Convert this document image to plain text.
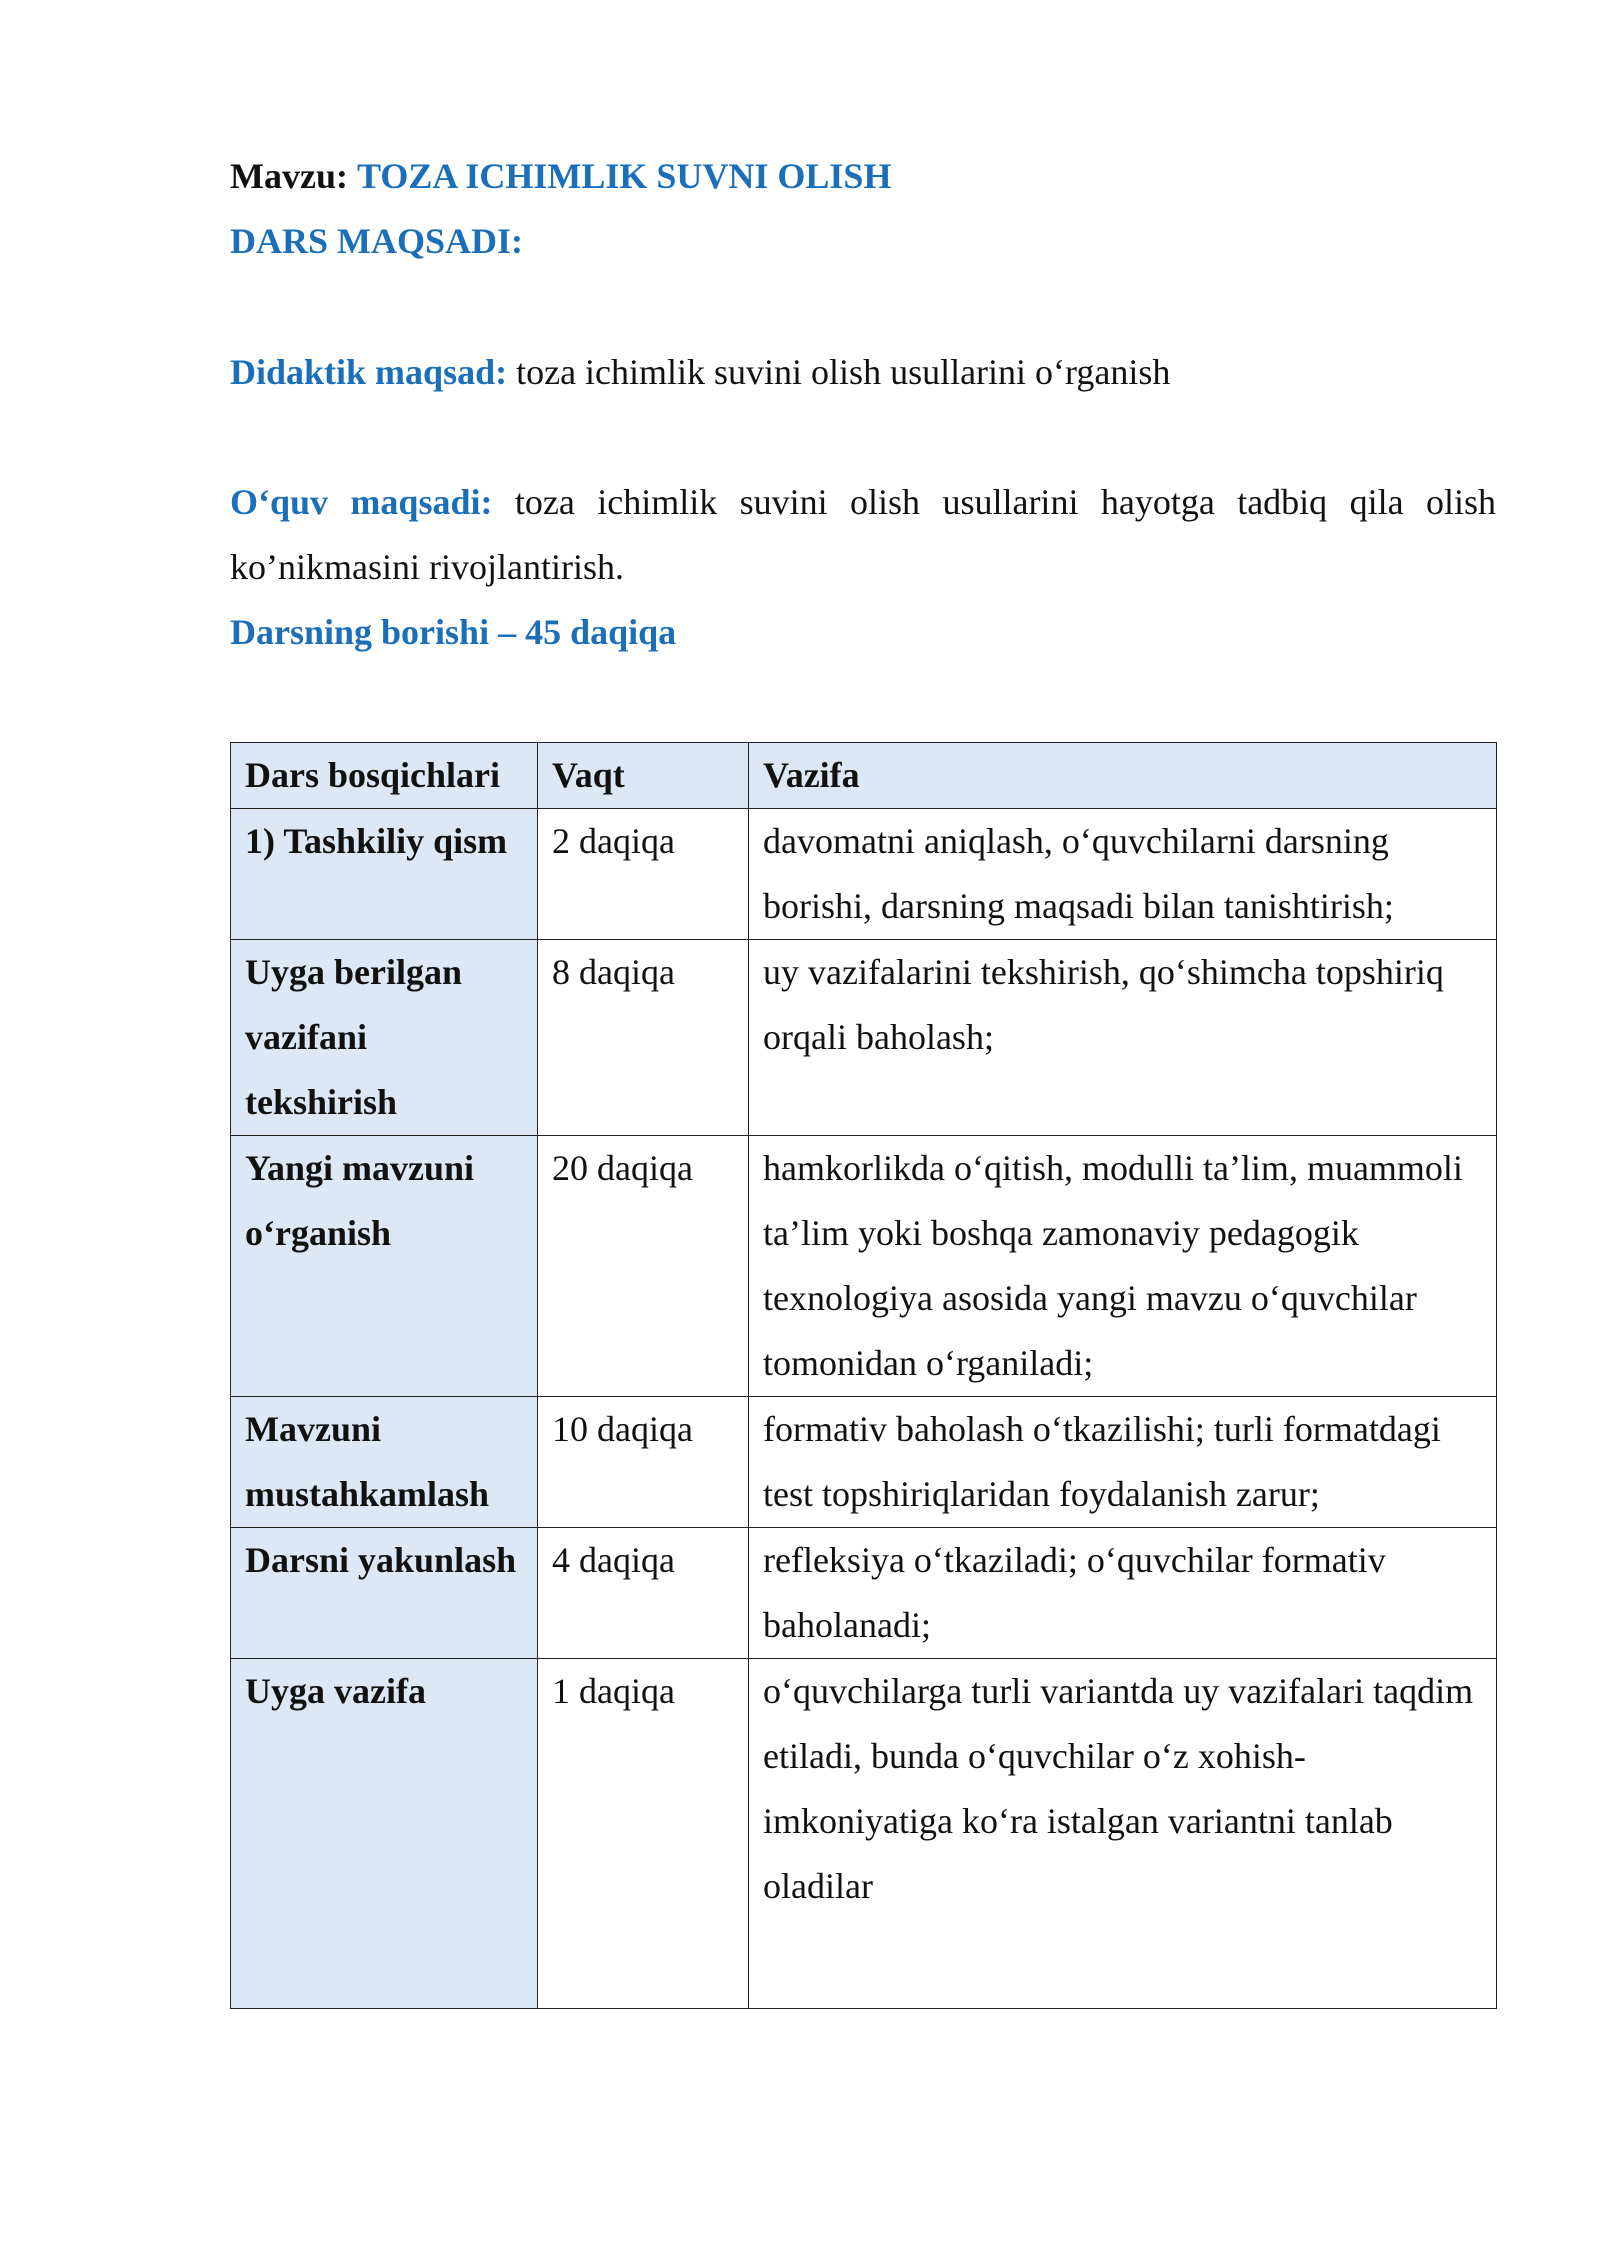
Mavzu: TOZA ICHIMLIK SUVNI OLISH

DARS MAQSADI:

Didaktik maqsad: toza ichimlik suvini olish usullarini o‘rganish

O‘quv maqsadi: toza ichimlik suvini olish usullarini hayotga tadbiq qila olish ko’nikmasini rivojlantirish.

Darsning borishi – 45 daqiqa

Dars bosqichlari	Vaqt	Vazifa
1) Tashkiliy qism	2 daqiqa	davomatni aniqlash, o‘quvchilarni darsning borishi, darsning maqsadi bilan tanishtirish;
Uyga berilgan vazifani tekshirish	8 daqiqa	uy vazifalarini tekshirish, qo‘shimcha topshiriq orqali baholash;
Yangi mavzuni o‘rganish	20 daqiqa	hamkorlikda o‘qitish, modulli ta’lim, muammoli ta’lim yoki boshqa zamonaviy pedagogik texnologiya asosida yangi mavzu o‘quvchilar tomonidan o‘rganiladi;
Mavzuni mustahkamlash	10 daqiqa	formativ baholash o‘tkazilishi; turli formatdagi test topshiriqlaridan foydalanish zarur;
Darsni yakunlash	4 daqiqa	refleksiya o‘tkaziladi; o‘quvchilar formativ baholanadi;
Uyga vazifa	1 daqiqa	o‘quvchilarga turli variantda uy vazifalari taqdim etiladi, bunda o‘quvchilar o‘z xohish-imkoniyatiga ko‘ra istalgan variantni tanlab oladilar
